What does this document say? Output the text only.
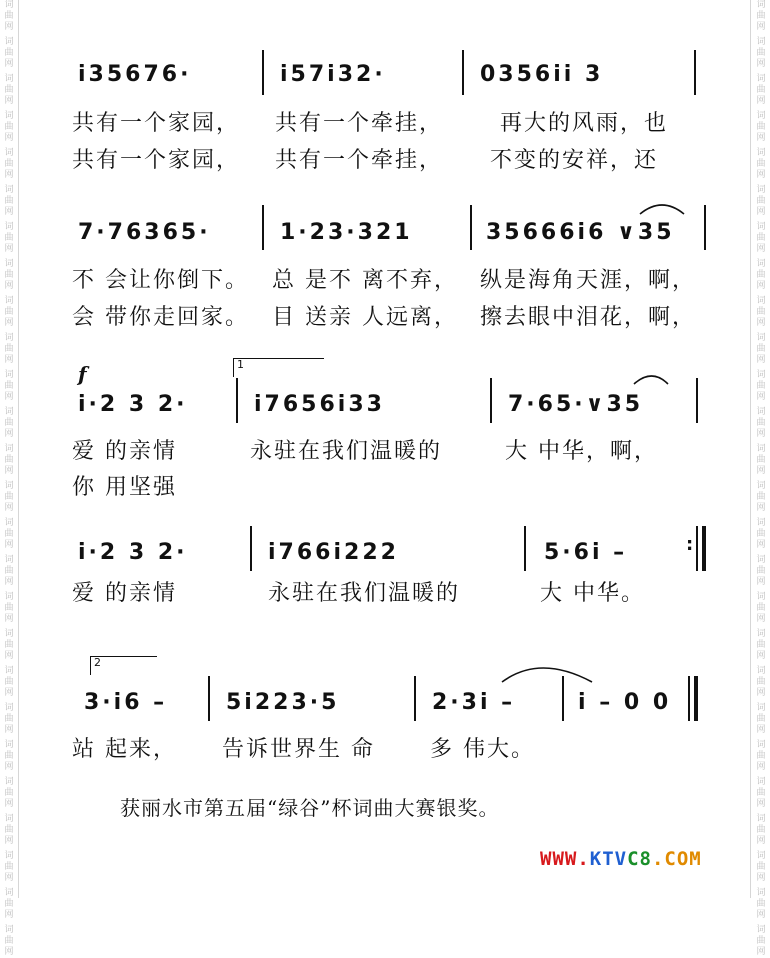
词
曲
网
词
曲
网
词
曲
网
词
曲
网
词
曲
网
词
曲
网
词
曲
网
词
曲
网
词
曲
网
词
曲
网
词
曲
网
词
曲
网
词
曲
网
词
曲
网
词
曲
网
词
曲
网
词
曲
网
词
曲
网
词
曲
网
词
曲
网
词
曲
网
词
曲
网
词
曲
网
词
曲
网
词
曲
网
词
曲
网
词
曲
网
词
曲
网
词
曲
网
词
曲
网
词
曲
网
词
曲
网
词
曲
网
词
曲
网
词
曲
网
词
曲
网
词
曲
网
词
曲
网
词
曲
网
词
曲
网
词
曲
网
词
曲
网
词
曲
网
词
曲
网
词
曲
网
词
曲
网
词
曲
网
词
曲
网
词
曲
网
词
曲
网
词
曲
网
词
曲
网
i35676·	i57i32·	0356ii 3
共有一个家园， 共有一个牵挂，	再大的风雨，也
共有一个家园， 共有一个牵挂， 不变的安祥，还
7·76365·	1·23·321	35666i6 ∨35
不 会让你倒下。 总 是不 离不弃， 纵是海角天涯，啊，
会 带你走回家。 目 送亲 人远离， 擦去眼中泪花，啊，
f	1
i·2 3 2·	i7656i33	7·65·∨35
爱 的亲情	永驻在我们温暖的	大 中华，啊，
你 用坚强
i·2 3 2·	i766i222	5·6i –	:
爱 的亲情	永驻在我们温暖的	大 中华。
2
3·i6 –	5i223·5	2·3i –	i – 0 0
站 起来， 告诉世界生 命	多 伟大。
获丽水市第五届“绿谷”杯词曲大赛银奖。
WWW.KTVC8.COM
